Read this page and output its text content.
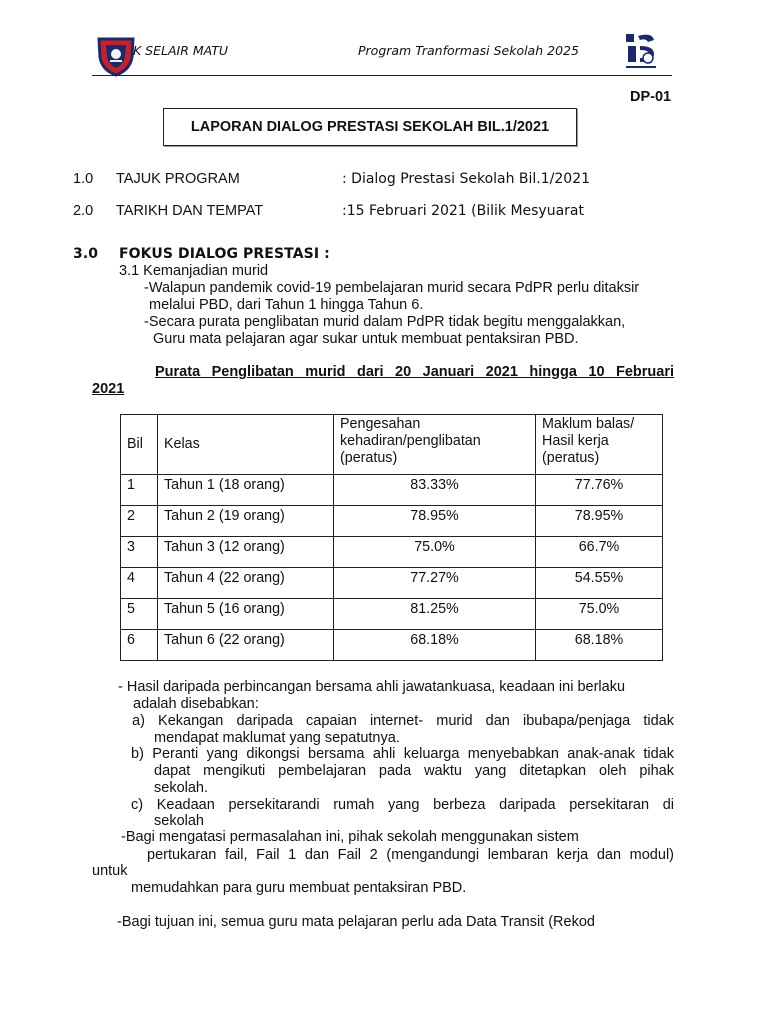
K SELAIR MATU	Program Tranformasi Sekolah 2025
DP-01
LAPORAN DIALOG PRESTASI SEKOLAH BIL.1/2021
1.0 TAJUK PROGRAM	: Dialog Prestasi Sekolah Bil.1/2021
2.0 TARIKH DAN TEMPAT	:15 Februari 2021 (Bilik Mesyuarat
3.0 FOKUS DIALOG PRESTASI :
3.1 Kemanjadian murid
-Walapun pandemik covid-19 pembelajaran murid secara PdPR perlu ditaksir
melalui PBD, dari Tahun 1 hingga Tahun 6.
-Secara purata penglibatan murid dalam PdPR tidak begitu menggalakkan,
Guru mata pelajaran agar sukar untuk membuat pentaksiran PBD.
Purata Penglibatan murid dari 20 Januari 2021 hingga 10 Februari
2021
Bil	Kelas	Pengesahan kehadiran/penglibatan (peratus)	Maklum balas/ Hasil kerja (peratus)
1	Tahun 1 (18 orang)	83.33%	77.76%
2	Tahun 2 (19 orang)	78.95%	78.95%
3	Tahun 3 (12 orang)	75.0%	66.7%
4	Tahun 4 (22 orang)	77.27%	54.55%
5	Tahun 5 (16 orang)	81.25%	75.0%
6	Tahun 6 (22 orang)	68.18%	68.18%
- Hasil daripada perbincangan bersama ahli jawatankuasa, keadaan ini berlaku
adalah disebabkan:
a) Kekangan daripada capaian internet- murid dan ibubapa/penjaga tidak
mendapat maklumat yang sepatutnya.
b) Peranti yang dikongsi bersama ahli keluarga menyebabkan anak-anak tidak
dapat mengikuti pembelajaran pada waktu yang ditetapkan oleh pihak
sekolah.
c) Keadaan persekitarandi rumah yang berbeza daripada persekitaran di
sekolah
-Bagi mengatasi permasalahan ini, pihak sekolah menggunakan sistem
pertukaran fail, Fail 1 dan Fail 2 (mengandungi lembaran kerja dan modul)
untuk
memudahkan para guru membuat pentaksiran PBD.
-Bagi tujuan ini, semua guru mata pelajaran perlu ada Data Transit (Rekod
